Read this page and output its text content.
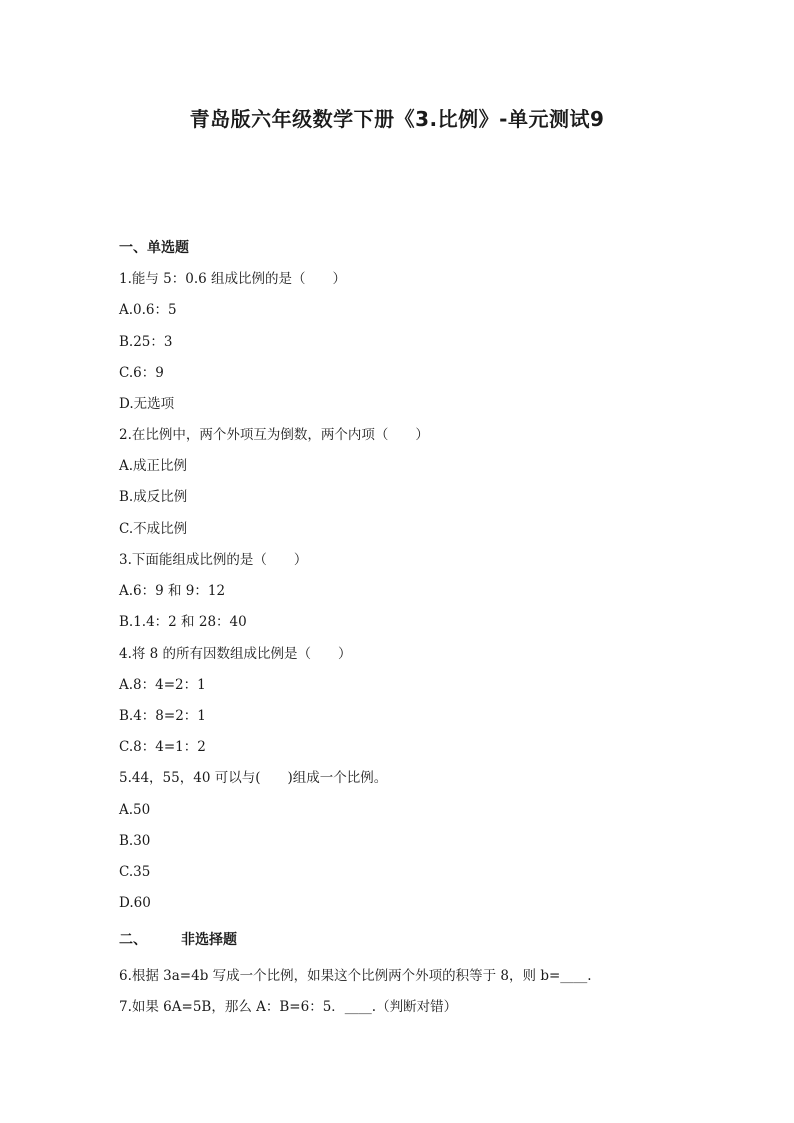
青岛版六年级数学下册《3.比例》-单元测试9
一、单选题
1.能与 5：0.6 组成比例的是（　　）
A.0.6：5
B.25：3
C.6：9
D.无选项
2.在比例中，两个外项互为倒数，两个内项（　　）
A.成正比例
B.成反比例
C.不成比例
3.下面能组成比例的是（　　）
A.6：9 和 9：12
B.1.4：2 和 28：40
4.将 8 的所有因数组成比例是（　　）
A.8：4=2：1
B.4：8=2：1
C.8：4=1：2
5.44，55，40 可以与(　　)组成一个比例。
A.50
B.30
C.35
D.60
二、 非选择题
6.根据 3a=4b 写成一个比例，如果这个比例两个外项的积等于 8，则 b=____.
7.如果 6A=5B，那么 A：B=6：5．____.（判断对错）
